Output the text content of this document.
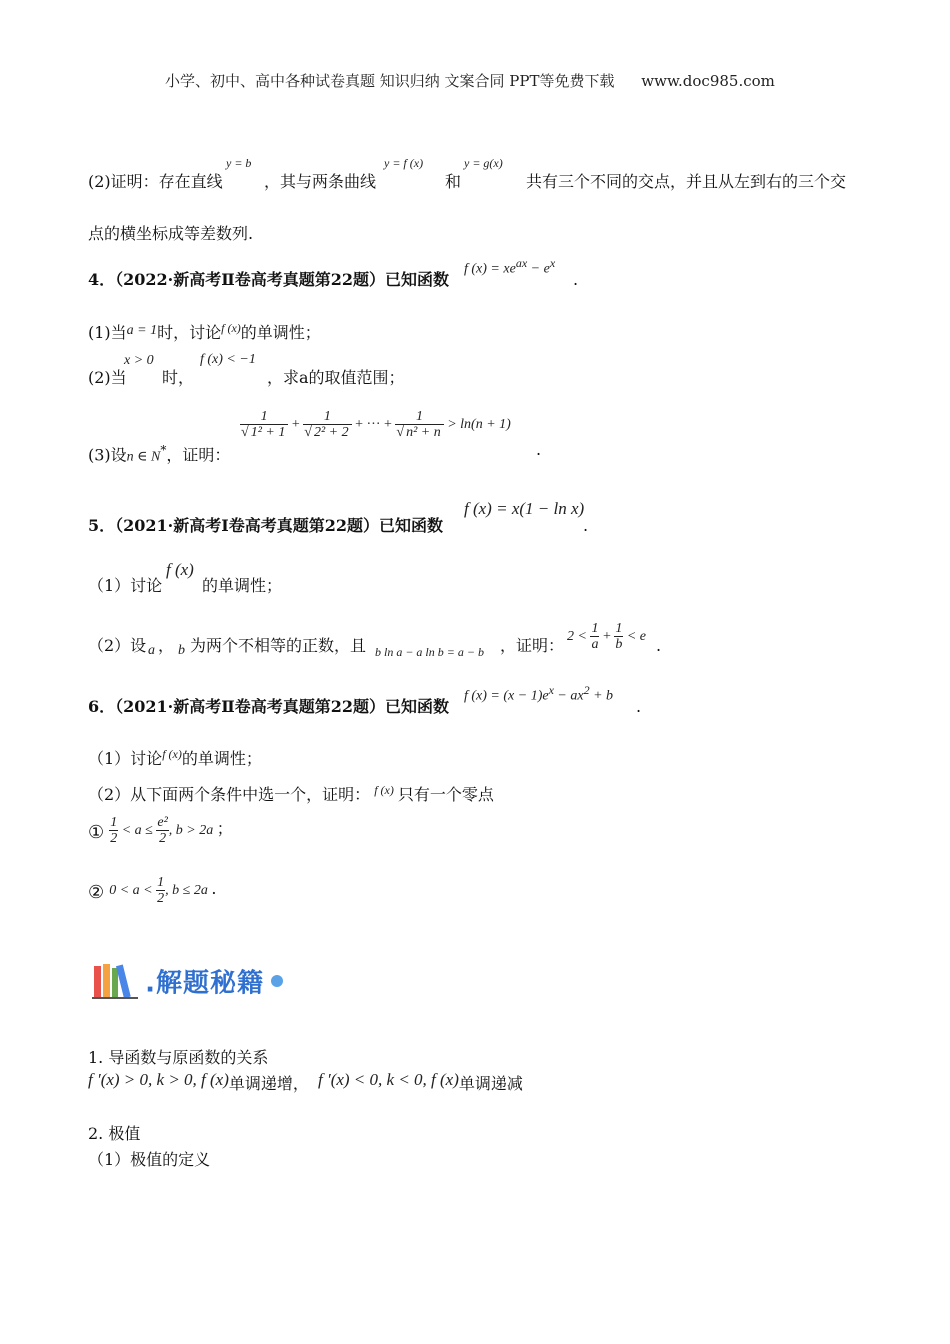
小学、初中、高中各种试卷真题 知识归纳 文案合同 PPT等免费下载 www.doc985.com
(2)证明：存在直线
y = b
，其与两条曲线
y = f (x)
和
y = g(x)
共有三个不同的交点，并且从左到右的三个交
点的横坐标成等差数列.
4．（2022·新高考Ⅱ卷高考真题第22题）已知函数
f $(x) = xe^{ax} - e^x$
.
(1)当a = 1时，讨论$^{f (x)}$的单调性；
(2)当
x > 0
时，
f (x) < −1
，求a的取值范围；
(3)设n ∈ N*，证明：
$\frac{1}{\text{√ 1² + 1}} + \frac{1}{\text{√ 2² + 2}}$ + ··· + $\frac{1}{\text{√ n² + n}} > \ln(n + 1)$
.
5．（2021·新高考Ⅰ卷高考真题第22题）已知函数
f (x) = x(1 − ln x)
.
（1）讨论
f (x)
的单调性；
（2）设 a ， b 为两个不相等的正数，且 b ln a − a ln b = a − b ，证明： $2 < \frac{1}{a} + \frac{1}{b} < e$ .
6．（2021·新高考Ⅱ卷高考真题第22题）已知函数
f $(x) = (x - 1)e^x - ax^2 + b$
.
（1）讨论$^{f (x)}$的单调性；
（2）从下面两个条件中选一个，证明： $^{f (x)}$ 只有一个零点
① $\frac{1}{2} < a \le \frac{\text{e²}}{2}$ , b > 2a ；
② $0 < a < \frac{1}{2}$ , b ≤ 2a .
.解题秘籍
1. 导函数与原函数的关系
f ′(x) > 0, k > 0, f (x)单调递增， f ′(x) < 0, k < 0, f (x)单调递减
2. 极值
（1）极值的定义
